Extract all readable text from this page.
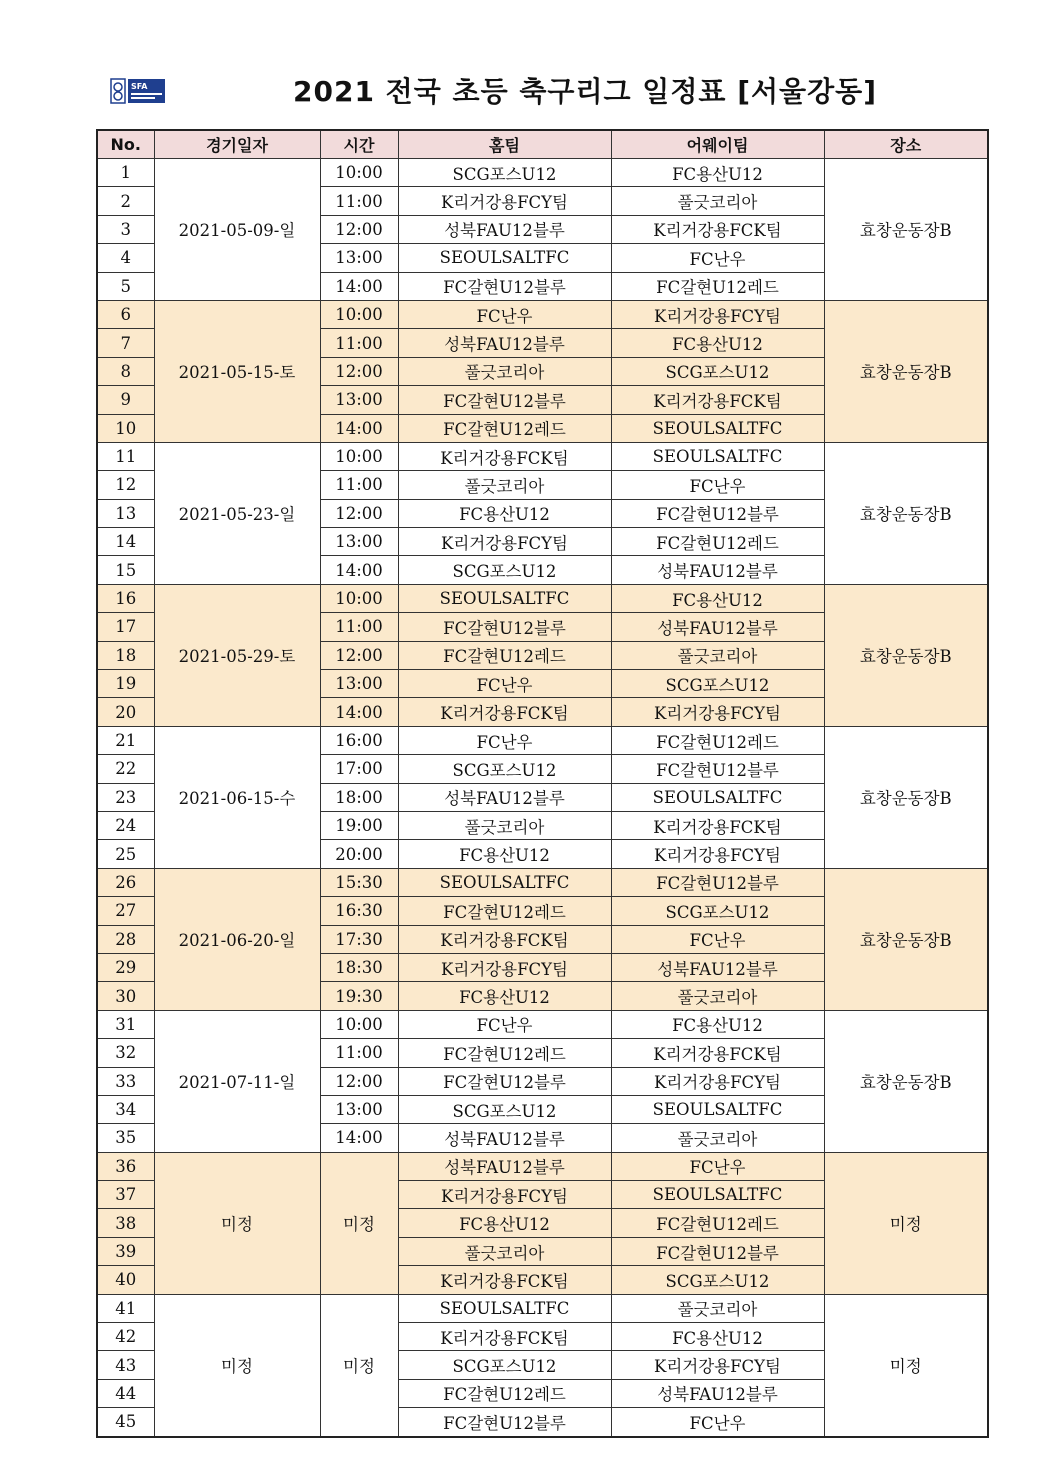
SFA
Seoul Football Association	2021 전국 초등 축구리그 일정표 [서울강동]
No.	경기일자	시간	홈팀	어웨이팀	장소
1	2021-05-09-일	10:00	SCG포스U12	FC용산U12	효창운동장B
2		11:00	K리거강용FCY팀	풀긋코리아	
3		12:00	성북FAU12블루	K리거강용FCK팀	
4		13:00	SEOULSALTFC	FC난우	
5		14:00	FC갈현U12블루	FC갈현U12레드	
6	2021-05-15-토	10:00	FC난우	K리거강용FCY팀	효창운동장B
7		11:00	성북FAU12블루	FC용산U12	
8		12:00	풀긋코리아	SCG포스U12	
9		13:00	FC갈현U12블루	K리거강용FCK팀	
10		14:00	FC갈현U12레드	SEOULSALTFC	
11	2021-05-23-일	10:00	K리거강용FCK팀	SEOULSALTFC	효창운동장B
12		11:00	풀긋코리아	FC난우	
13		12:00	FC용산U12	FC갈현U12블루	
14		13:00	K리거강용FCY팀	FC갈현U12레드	
15		14:00	SCG포스U12	성북FAU12블루	
16	2021-05-29-토	10:00	SEOULSALTFC	FC용산U12	효창운동장B
17		11:00	FC갈현U12블루	성북FAU12블루	
18		12:00	FC갈현U12레드	풀긋코리아	
19		13:00	FC난우	SCG포스U12	
20		14:00	K리거강용FCK팀	K리거강용FCY팀	
21	2021-06-15-수	16:00	FC난우	FC갈현U12레드	효창운동장B
22		17:00	SCG포스U12	FC갈현U12블루	
23		18:00	성북FAU12블루	SEOULSALTFC	
24		19:00	풀긋코리아	K리거강용FCK팀	
25		20:00	FC용산U12	K리거강용FCY팀	
26	2021-06-20-일	15:30	SEOULSALTFC	FC갈현U12블루	효창운동장B
27		16:30	FC갈현U12레드	SCG포스U12	
28		17:30	K리거강용FCK팀	FC난우	
29		18:30	K리거강용FCY팀	성북FAU12블루	
30		19:30	FC용산U12	풀긋코리아	
31	2021-07-11-일	10:00	FC난우	FC용산U12	효창운동장B
32		11:00	FC갈현U12레드	K리거강용FCK팀	
33		12:00	FC갈현U12블루	K리거강용FCY팀	
34		13:00	SCG포스U12	SEOULSALTFC	
35		14:00	성북FAU12블루	풀긋코리아	
36	미정	미정	성북FAU12블루	FC난우	미정
37			K리거강용FCY팀	SEOULSALTFC	
38			FC용산U12	FC갈현U12레드	
39			풀긋코리아	FC갈현U12블루	
40			K리거강용FCK팀	SCG포스U12	
41	미정	미정	SEOULSALTFC	풀긋코리아	미정
42			K리거강용FCK팀	FC용산U12	
43			SCG포스U12	K리거강용FCY팀	
44			FC갈현U12레드	성북FAU12블루	
45			FC갈현U12블루	FC난우	
